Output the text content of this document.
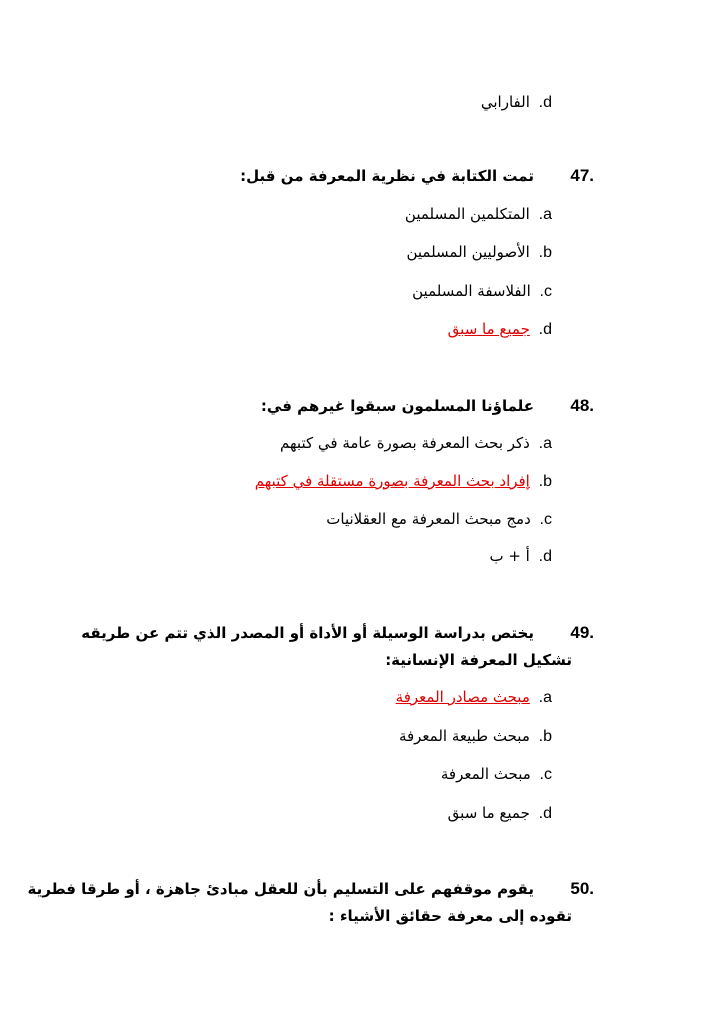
d. الفارابي
47.
تمت الكتابة في نظرية المعرفة من قبل:
a. المتكلمين المسلمين
b. الأصوليين المسلمين
c. الفلاسفة المسلمين
d. جميع ما سبق
48.
علماؤنا المسلمون سبقوا غيرهم في:
a. ذكر بحث المعرفة بصورة عامة في كتبهم
b. إفراد بحث المعرفة بصورة مستقلة في كتبهم
c. دمج مبحث المعرفة مع العقلانيات
d. أ + ب
49.
يختص بدراسة الوسيلة أو الأداة أو المصدر الذي تتم عن طريقه
تشكيل المعرفة الإنسانية:
a. مبحث مصادر المعرفة
b. مبحث طبيعة المعرفة
c. مبحث المعرفة
d. جميع ما سبق
50.
يقوم موقفهم على التسليم بأن للعقل مبادئ جاهزة ، أو طرقا فطرية
تقوده إلى معرفة حقائق الأشياء :
